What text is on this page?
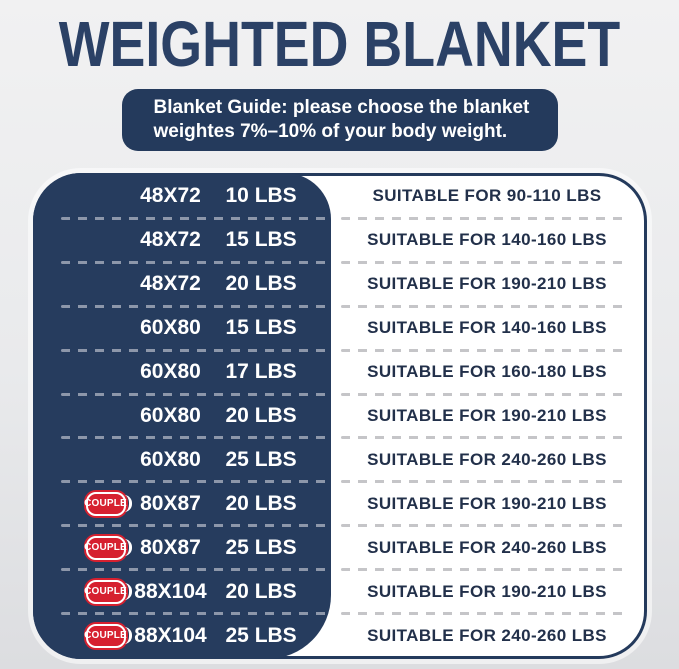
WEIGHTED BLANKET
Blanket Guide: please choose the blanket
weightes 7%–10% of your body weight.
48X72	10 LBS	SUITABLE FOR 90-110 LBS
48X72	15 LBS	SUITABLE FOR 140-160 LBS
48X72	20 LBS	SUITABLE FOR 190-210 LBS
60X80	15 LBS	SUITABLE FOR 140-160 LBS
60X80	17 LBS	SUITABLE FOR 160-180 LBS
60X80	20 LBS	SUITABLE FOR 190-210 LBS
60X80	25 LBS	SUITABLE FOR 240-260 LBS
COUPLE 80X87	20 LBS	SUITABLE FOR 190-210 LBS
COUPLE 80X87	25 LBS	SUITABLE FOR 240-260 LBS
COUPLE 88X104 20 LBS	SUITABLE FOR 190-210 LBS
COUPLE 88X104 25 LBS	SUITABLE FOR 240-260 LBS
